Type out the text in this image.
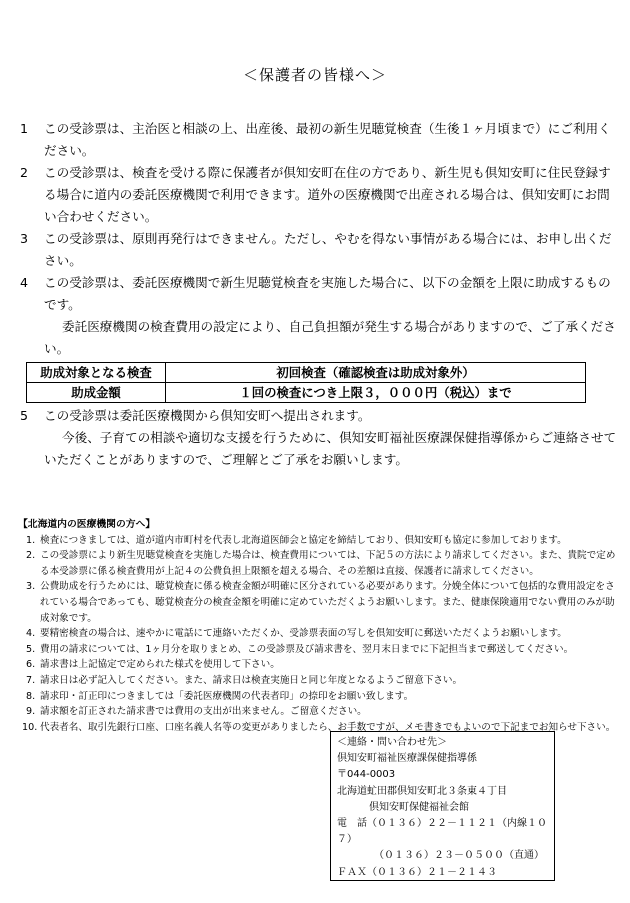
＜保護者の皆様へ＞
1 この受診票は、主治医と相談の上、出産後、最初の新生児聴覚検査（生後１ヶ月頃まで）にご利用ください。
2 この受診票は、検査を受ける際に保護者が倶知安町在住の方であり、新生児も倶知安町に住民登録する場合に道内の委託医療機関で利用できます。道外の医療機関で出産される場合は、倶知安町にお問い合わせください。
3 この受診票は、原則再発行はできません。ただし、やむを得ない事情がある場合には、お申し出ください。
4 この受診票は、委託医療機関で新生児聴覚検査を実施した場合に、以下の金額を上限に助成するものです。
委託医療機関の検査費用の設定により、自己負担額が発生する場合がありますので、ご了承ください。
助成対象となる検査	初回検査（確認検査は助成対象外）
助成金額	１回の検査につき上限３，０００円（税込）まで
5 この受診票は委託医療機関から倶知安町へ提出されます。
今後、子育ての相談や適切な支援を行うために、倶知安町福祉医療課保健指導係からご連絡させていただくことがありますので、ご理解とご了承をお願いします。
【北海道内の医療機関の方へ】
1. 検査につきましては、道が道内市町村を代表し北海道医師会と協定を締結しており、倶知安町も協定に参加しております。
2. この受診票により新生児聴覚検査を実施した場合は、検査費用については、下記５の方法により請求してください。また、貴院で定める本受診票に係る検査費用が上記４の公費負担上限額を超える場合、その差額は直接、保護者に請求してください。
3. 公費助成を行うためには、聴覚検査に係る検査金額が明確に区分されている必要があります。分娩全体について包括的な費用設定をされている場合であっても、聴覚検査分の検査金額を明確に定めていただくようお願いします。また、健康保険適用でない費用のみが助成対象です。
4. 要精密検査の場合は、速やかに電話にて連絡いただくか、受診票表面の写しを倶知安町に郵送いただくようお願いします。
5. 費用の請求については、1ヶ月分を取りまとめ、この受診票及び請求書を、翌月末日までに下記担当まで郵送してください。
6. 請求書は上記協定で定められた様式を使用して下さい。
7. 請求日は必ず記入してください。また、請求日は検査実施日と同じ年度となるようご留意下さい。
8. 請求印・訂正印につきましては「委託医療機関の代表者印」の捺印をお願い致します。
9. 請求額を訂正された請求書では費用の支出が出来ません。ご留意ください。
10. 代表者名、取引先銀行口座、口座名義人名等の変更がありましたら、お手数ですが、メモ書きでもよいので下記までお知らせ下さい。
＜連絡・問い合わせ先＞
倶知安町福祉医療課保健指導係
〒044-0003
北海道虻田郡倶知安町北３条東４丁目
倶知安町保健福祉会館
電　話（０１３６）２２－１１２１（内線１０７）
（０１３６）２３－０５００（直通）
ＦＡＸ（０１３６）２１－２１４３
